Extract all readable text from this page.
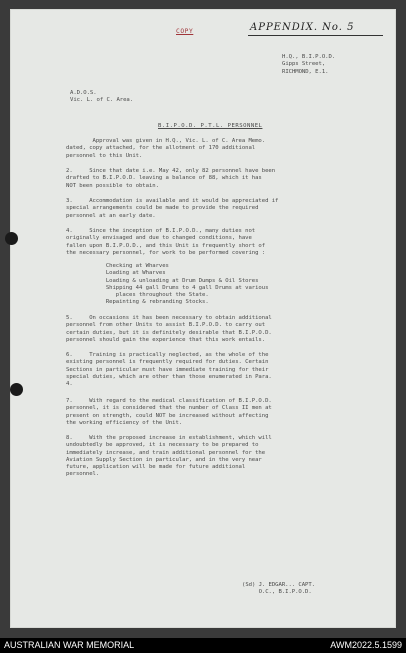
APPENDIX. No. 5
COPY
H.Q., B.I.P.O.D.
Gipps Street,
RICHMOND, E.1.
A.D.O.S.
Vic. L. of C. Area.
B.I.P.O.D. P.T.L. PERSONNEL
Approval was given in H.Q., Vic. L. of C. Area Memo.
dated, copy attached, for the allotment of 170 additional
personnel to this Unit.
2.     Since that date i.e. May 42, only 82 personnel have been
drafted to B.I.P.O.D. leaving a balance of 88, which it has
NOT been possible to obtain.
3.     Accommodation is available and it would be appreciated if
special arrangements could be made to provide the required
personnel at an early date.
4.     Since the inception of B.I.P.O.D., many duties not
originally envisaged and due to changed conditions, have
fallen upon B.I.P.O.D., and this Unit is frequently short of
the necessary personnel, for work to be performed covering :
Checking at Wharves
Loading at Wharves
Loading & unloading at Drum Dumps & Oil Stores
Shipping 44 gall Drums to 4 gall Drums at various
places throughout the State.
Repainting & rebranding Stocks.
5.     On occasions it has been necessary to obtain additional
personnel from other Units to assist B.I.P.O.D. to carry out
certain duties, but it is definitely desirable that B.I.P.O.D.
personnel should gain the experience that this work entails.
6.     Training is practically neglected, as the whole of the
existing personnel is frequently required for duties. Certain
Sections in particular must have immediate training for their
special duties, which are other than those enumerated in Para.
4.
7.     With regard to the medical classification of B.I.P.O.D.
personnel, it is considered that the number of Class II men at
present on strength, could NOT be increased without affecting
the working efficiency of the Unit.
8.     With the proposed increase in establishment, which will
undoubtedly be approved, it is necessary to be prepared to
immediately increase, and train additional personnel for the
Aviation Supply Section in particular, and in the very near
future, application will be made for future additional
personnel.
(Sd) J. EDGAR... CAPT.
O.C., B.I.P.O.D.
AUSTRALIAN WAR MEMORIAL	AWM2022.5.1599
